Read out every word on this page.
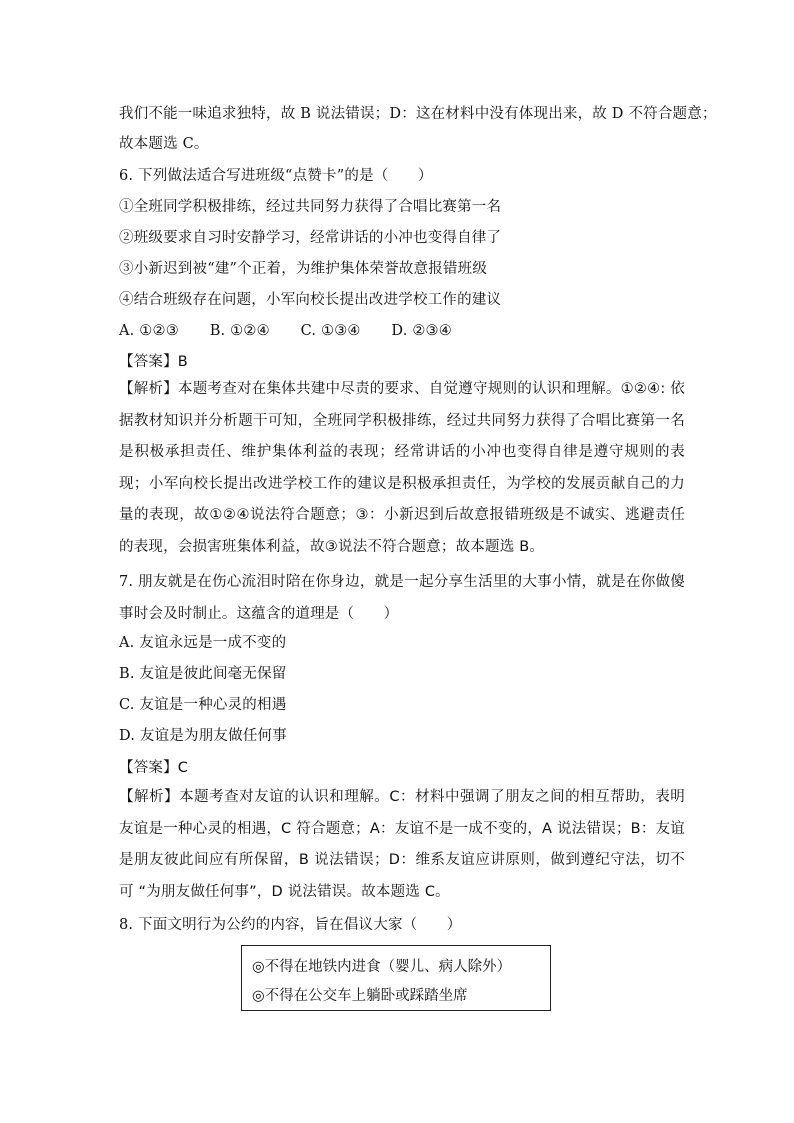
我们不能一味追求独特，故 B 说法错误；D：这在材料中没有体现出来，故 D 不符合题意；
故本题选 C。
6. 下列做法适合写进班级“点赞卡”的是（　　）
①全班同学积极排练，经过共同努力获得了合唱比赛第一名
②班级要求自习时安静学习，经常讲话的小冲也变得自律了
③小新迟到被“建”个正着，为维护集体荣誉故意报错班级
④结合班级存在问题，小军向校长提出改进学校工作的建议
A. ①②③ B. ①②④ C. ①③④ D. ②③④
【答案】B
【解析】本题考查对在集体共建中尽责的要求、自觉遵守规则的认识和理解。①②④: 依据教材知识并分析题干可知，全班同学积极排练，经过共同努力获得了合唱比赛第一名是积极承担责任、维护集体利益的表现；经常讲话的小冲也变得自律是遵守规则的表现；小军向校长提出改进学校工作的建议是积极承担责任，为学校的发展贡献自己的力量的表现，故①②④说法符合题意；③：小新迟到后故意报错班级是不诚实、逃避责任的表现，会损害班集体利益，故③说法不符合题意；故本题选 B。
7. 朋友就是在伤心流泪时陪在你身边，就是一起分享生活里的大事小情，就是在你做傻事时会及时制止。这蕴含的道理是（　　）
A. 友谊永远是一成不变的
B. 友谊是彼此间毫无保留
C. 友谊是一种心灵的相遇
D. 友谊是为朋友做任何事
【答案】C
【解析】本题考查对友谊的认识和理解。C：材料中强调了朋友之间的相互帮助，表明友谊是一种心灵的相遇，C 符合题意；A：友谊不是一成不变的，A 说法错误；B：友谊是朋友彼此间应有所保留，B 说法错误；D：维系友谊应讲原则，做到遵纪守法，切不可 “为朋友做任何事”，D 说法错误。故本题选 C。
8. 下面文明行为公约的内容，旨在倡议大家（　　）
◎不得在地铁内进食（婴儿、病人除外）
◎不得在公交车上躺卧或踩踏坐席
